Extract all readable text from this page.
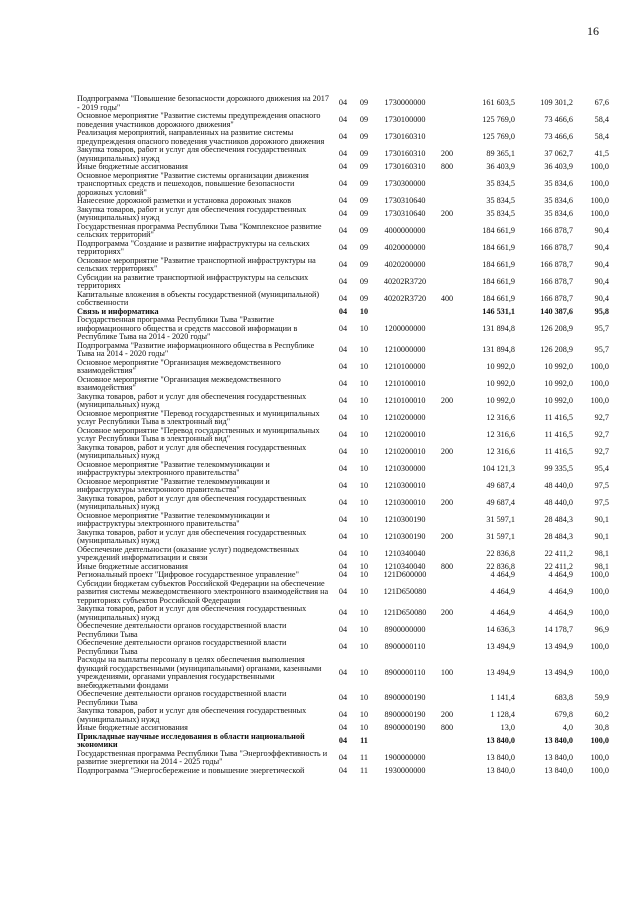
16
Подпрограмма "Повышение безопасности дорожного движения на 2017 - 2019 годы"	04	09	1730000000		161 603,5	109 301,2	67,6
Основное мероприятие "Развитие системы предупреждения опасного поведения участников дорожного движения"	04	09	1730100000		125 769,0	73 466,6	58,4
Реализация мероприятий, направленных на развитие системы предупреждения опасного поведения участников дорожного движения	04	09	1730160310		125 769,0	73 466,6	58,4
Закупка товаров, работ и услуг для обеспечения государственных (муниципальных) нужд	04	09	1730160310	200	89 365,1	37 062,7	41,5
Иные бюджетные ассигнования	04	09	1730160310	800	36 403,9	36 403,9	100,0
Основное мероприятие "Развитие системы организации движения транспортных средств и пешеходов, повышение безопасности дорожных условий"	04	09	1730300000		35 834,5	35 834,6	100,0
Нанесение дорожной разметки и установка дорожных знаков	04	09	1730310640		35 834,5	35 834,6	100,0
Закупка товаров, работ и услуг для обеспечения государственных (муниципальных) нужд	04	09	1730310640	200	35 834,5	35 834,6	100,0
Государственная программа Республики Тыва "Комплексное развитие сельских территорий"	04	09	4000000000		184 661,9	166 878,7	90,4
Подпрограмма "Создание и развитие инфраструктуры на сельских территориях"	04	09	4020000000		184 661,9	166 878,7	90,4
Основное мероприятие "Развитие транспортной инфраструктуры на сельских территориях"	04	09	4020200000		184 661,9	166 878,7	90,4
Субсидии на развитие транспортной инфраструктуры на сельских территориях	04	09	40202R3720		184 661,9	166 878,7	90,4
Капитальные вложения в объекты государственной (муниципальной) собственности	04	09	40202R3720	400	184 661,9	166 878,7	90,4
Связь и информатика	04	10			146 531,1	140 387,6	95,8
Государственная программа Республики Тыва "Развитие информационного общества и средств массовой информации в Республике Тыва на 2014 - 2020 годы"	04	10	1200000000		131 894,8	126 208,9	95,7
Подпрограмма "Развитие информационного общества в Республике Тыва на 2014 - 2020 годы"	04	10	1210000000		131 894,8	126 208,9	95,7
Основное мероприятие "Организация межведомственного взаимодействия"	04	10	1210100000		10 992,0	10 992,0	100,0
Основное мероприятие "Организация межведомственного взаимодействия"	04	10	1210100010		10 992,0	10 992,0	100,0
Закупка товаров, работ и услуг для обеспечения государственных (муниципальных) нужд	04	10	1210100010	200	10 992,0	10 992,0	100,0
Основное мероприятие "Перевод государственных и муниципальных услуг Республики Тыва в электронный вид"	04	10	1210200000		12 316,6	11 416,5	92,7
Основное мероприятие "Перевод государственных и муниципальных услуг Республики Тыва в электронный вид"	04	10	1210200010		12 316,6	11 416,5	92,7
Закупка товаров, работ и услуг для обеспечения государственных (муниципальных) нужд	04	10	1210200010	200	12 316,6	11 416,5	92,7
Основное мероприятие "Развитие телекоммуникации и инфраструктуры электронного правительства"	04	10	1210300000		104 121,3	99 335,5	95,4
Основное мероприятие "Развитие телекоммуникации и инфраструктуры электронного правительства"	04	10	1210300010		49 687,4	48 440,0	97,5
Закупка товаров, работ и услуг для обеспечения государственных (муниципальных) нужд	04	10	1210300010	200	49 687,4	48 440,0	97,5
Основное мероприятие "Развитие телекоммуникации и инфраструктуры электронного правительства"	04	10	1210300190		31 597,1	28 484,3	90,1
Закупка товаров, работ и услуг для обеспечения государственных (муниципальных) нужд	04	10	1210300190	200	31 597,1	28 484,3	90,1
Обеспечение деятельности (оказание услуг) подведомственных учреждений информатизации и связи	04	10	1210340040		22 836,8	22 411,2	98,1
Иные бюджетные ассигнования	04	10	1210340040	800	22 836,8	22 411,2	98,1
Региональный проект "Цифровое государственное управление"	04	10	121D600000		4 464,9	4 464,9	100,0
Субсидии бюджетам субъектов Российской Федерации на обеспечение развития системы межведомственного электронного взаимодействия на территориях субъектов Российской Федерации	04	10	121D650080		4 464,9	4 464,9	100,0
Закупка товаров, работ и услуг для обеспечения государственных (муниципальных) нужд	04	10	121D650080	200	4 464,9	4 464,9	100,0
Обеспечение деятельности органов государственной власти Республики Тыва	04	10	8900000000		14 636,3	14 178,7	96,9
Обеспечение деятельности органов государственной власти Республики Тыва	04	10	8900000110		13 494,9	13 494,9	100,0
Расходы на выплаты персоналу в целях обеспечения выполнения функций государственными (муниципальными) органами, казенными учреждениями, органами управления государственными внебюджетными фондами	04	10	8900000110	100	13 494,9	13 494,9	100,0
Обеспечение деятельности органов государственной власти Республики Тыва	04	10	8900000190		1 141,4	683,8	59,9
Закупка товаров, работ и услуг для обеспечения государственных (муниципальных) нужд	04	10	8900000190	200	1 128,4	679,8	60,2
Иные бюджетные ассигнования	04	10	8900000190	800	13,0	4,0	30,8
Прикладные научные исследования в области национальной экономики	04	11			13 840,0	13 840,0	100,0
Государственная программа Республики Тыва "Энергоэффективность и развитие энергетики на 2014 - 2025 годы"	04	11	1900000000		13 840,0	13 840,0	100,0
Подпрограмма "Энергосбережение и повышение энергетической	04	11	1930000000		13 840,0	13 840,0	100,0
